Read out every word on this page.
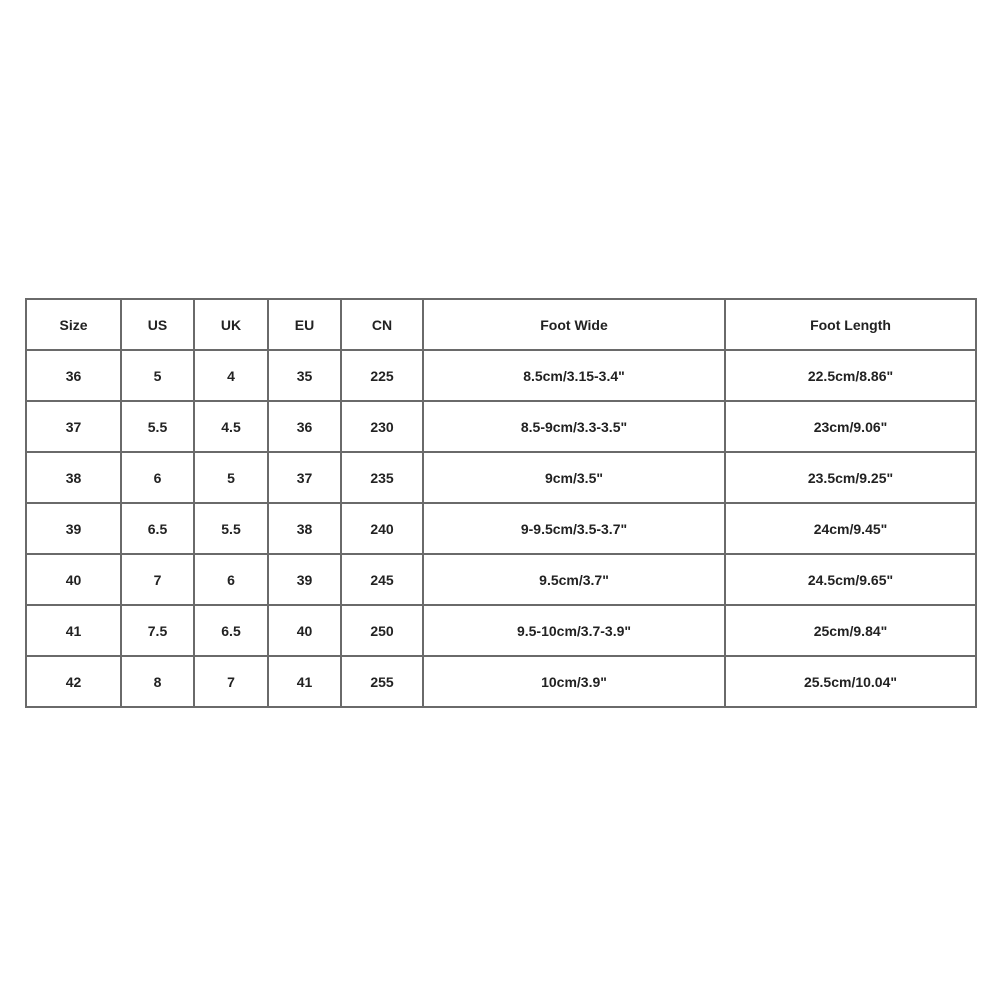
Size	US	UK	EU	CN	Foot Wide	Foot Length
36	5	4	35	225	8.5cm/3.15-3.4"	22.5cm/8.86"
37	5.5	4.5	36	230	8.5-9cm/3.3-3.5"	23cm/9.06"
38	6	5	37	235	9cm/3.5"	23.5cm/9.25"
39	6.5	5.5	38	240	9-9.5cm/3.5-3.7"	24cm/9.45"
40	7	6	39	245	9.5cm/3.7"	24.5cm/9.65"
41	7.5	6.5	40	250	9.5-10cm/3.7-3.9"	25cm/9.84"
42	8	7	41	255	10cm/3.9"	25.5cm/10.04"
